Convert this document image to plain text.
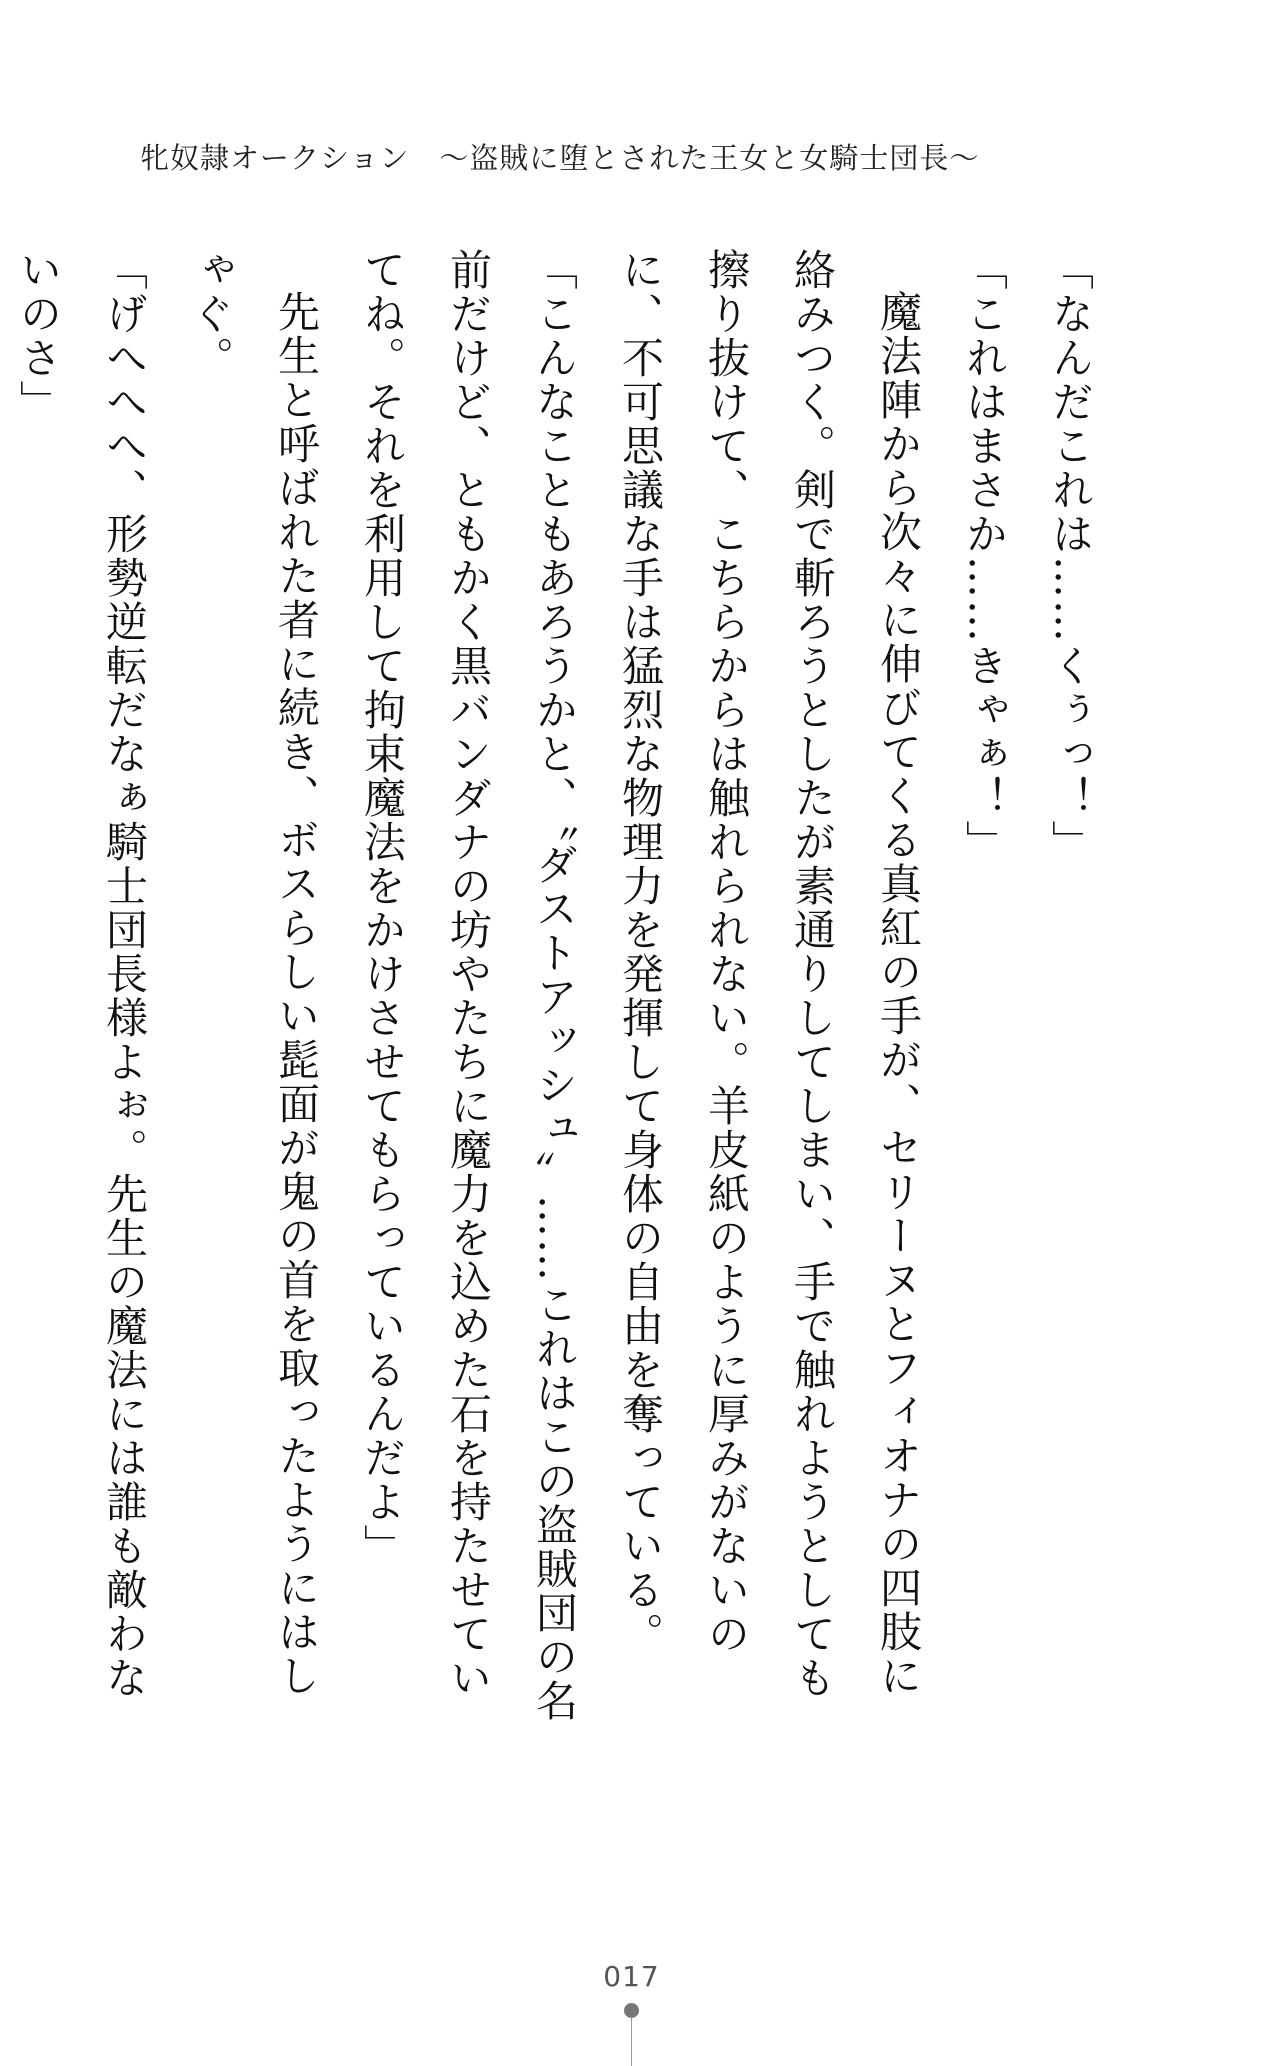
牝奴隷オークション　～盗賊に堕とされた王女と女騎士団長～

「なんだこれは……くぅっ！」

「これはまさか……きゃぁ！」

魔法陣から次々に伸びてくる真紅の手が、セリーヌとフィオナの四肢に絡みつく。剣で斬ろうとしたが素通りしてしまい、手で触れようとしても擦り抜けて、こちらからは触れられない。羊皮紙のように厚みがないのに、不可思議な手は猛烈な物理力を発揮して身体の自由を奪っている。

「こんなこともあろうかと、〝ダストアッシュ〟……これはこの盗賊団の名前だけど、ともかく黒バンダナの坊やたちに魔力を込めた石を持たせていてね。それを利用して拘束魔法をかけさせてもらっているんだよ」

先生と呼ばれた者に続き、ボスらしい髭面が鬼の首を取ったようにはしゃぐ。

「げへへへ、形勢逆転だなぁ騎士団長様よぉ。先生の魔法には誰も敵わないのさ」

017
